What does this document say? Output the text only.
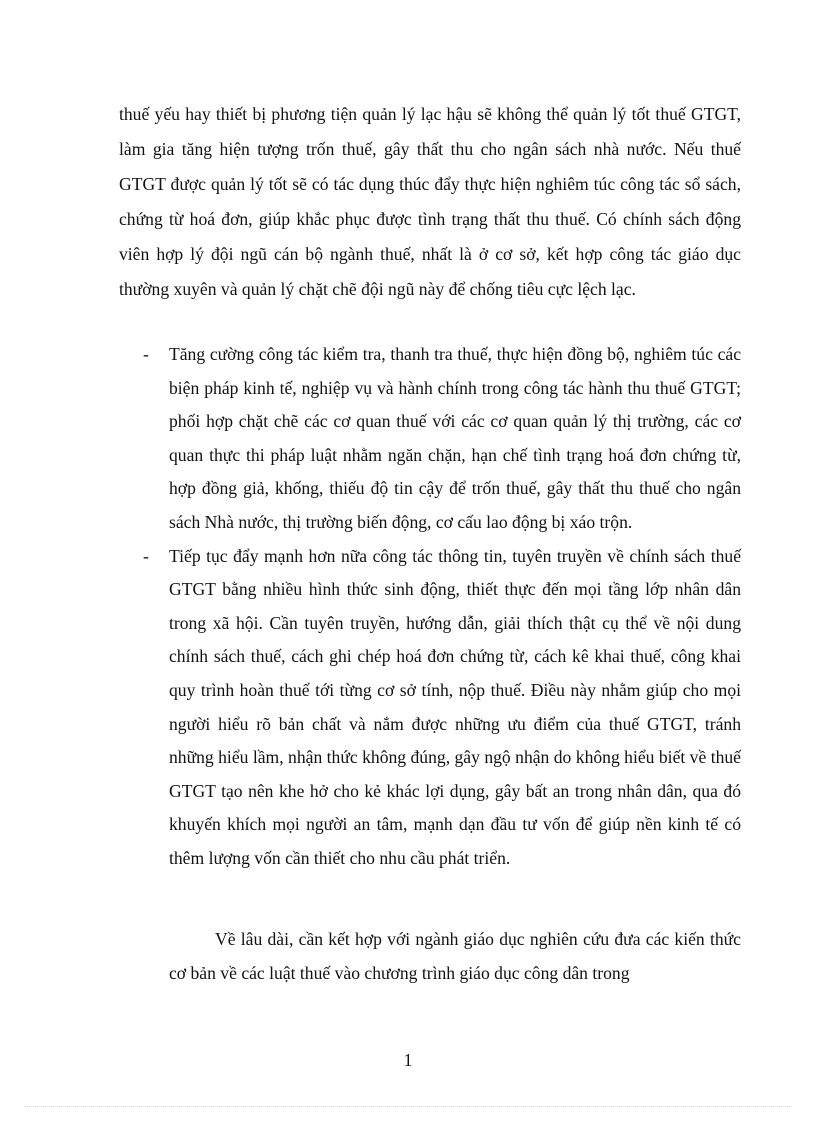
thuế yếu hay thiết bị phương tiện quản lý lạc hậu sẽ không thể quản lý tốt thuế GTGT, làm gia tăng hiện tượng trốn thuế, gây thất thu cho ngân sách nhà nước. Nếu thuế GTGT được quản lý tốt sẽ có tác dụng thúc đẩy thực hiện nghiêm túc công tác sổ sách, chứng từ hoá đơn, giúp khắc phục được tình trạng thất thu thuế. Có chính sách động viên hợp lý đội ngũ cán bộ ngành thuế, nhất là ở cơ sở, kết hợp công tác giáo dục thường xuyên và quản lý chặt chẽ đội ngũ này để chống tiêu cực lệch lạc.

-	Tăng cường công tác kiểm tra, thanh tra thuế, thực hiện đồng bộ, nghiêm túc các biện pháp kinh tế, nghiệp vụ và hành chính trong công tác hành thu thuế GTGT; phối hợp chặt chẽ các cơ quan thuế với các cơ quan quản lý thị trường, các cơ quan thực thi pháp luật nhằm ngăn chặn, hạn chế tình trạng hoá đơn chứng từ, hợp đồng giả, khống, thiếu độ tin cậy để trốn thuế, gây thất thu thuế cho ngân sách Nhà nước, thị trường biến động, cơ cấu lao động bị xáo trộn.
-	Tiếp tục đẩy mạnh hơn nữa công tác thông tin, tuyên truyền về chính sách thuế GTGT bằng nhiều hình thức sinh động, thiết thực đến mọi tầng lớp nhân dân trong xã hội. Cần tuyên truyền, hướng dẫn, giải thích thật cụ thể về nội dung chính sách thuế, cách ghi chép hoá đơn chứng từ, cách kê khai thuế, công khai quy trình hoàn thuế tới từng cơ sở tính, nộp thuế. Điều này nhằm giúp cho mọi người hiểu rõ bản chất và nắm được những ưu điểm của thuế GTGT, tránh những hiểu lầm, nhận thức không đúng, gây ngộ nhận do không hiểu biết về thuế GTGT tạo nên khe hở cho kẻ khác lợi dụng, gây bất an trong nhân dân, qua đó khuyến khích mọi người an tâm, mạnh dạn đầu tư vốn để giúp nền kinh tế có thêm lượng vốn cần thiết cho nhu cầu phát triển.

Về lâu dài, cần kết hợp với ngành giáo dục nghiên cứu đưa các kiến thức cơ bản về các luật thuế vào chương trình giáo dục công dân trong

1
